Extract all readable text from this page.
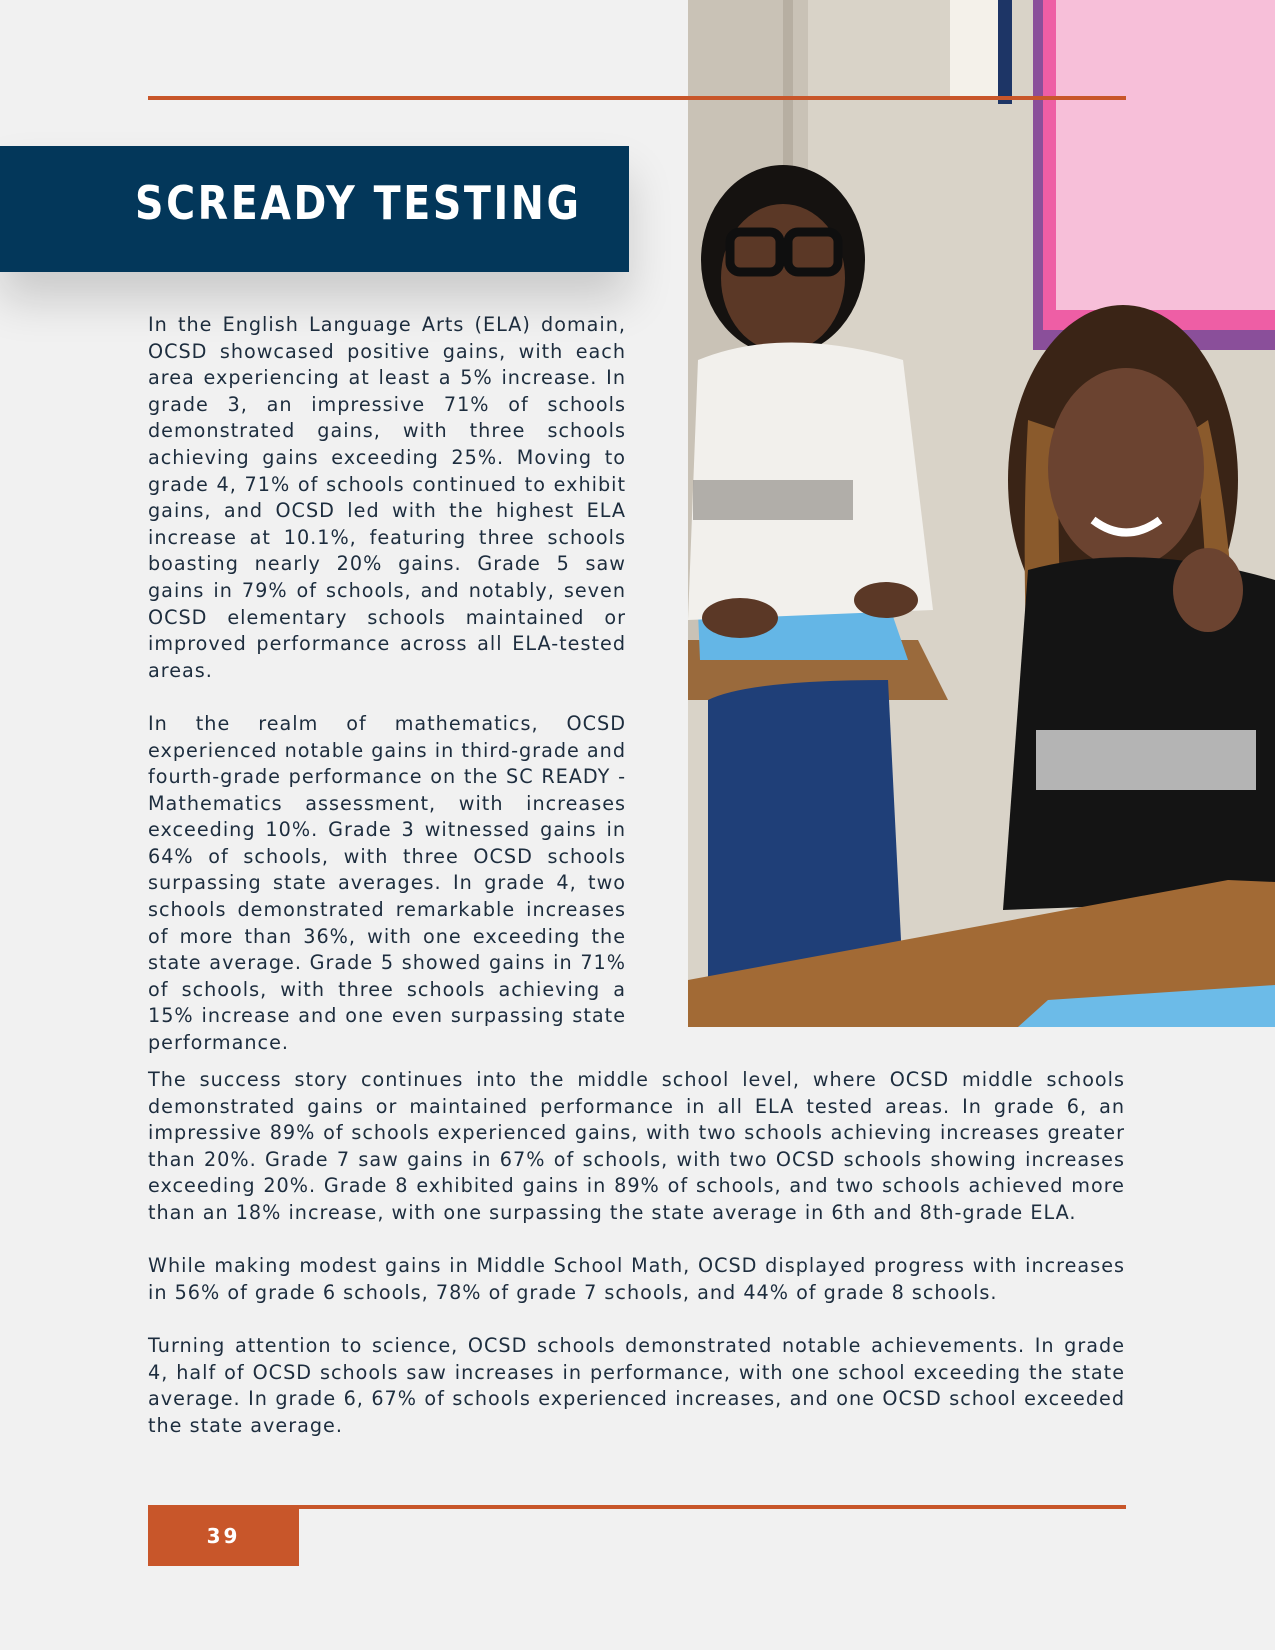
SCREADY TESTING

In the English Language Arts (ELA) domain, OCSD showcased positive gains, with each area experiencing at least a 5% increase. In grade 3, an impressive 71% of schools demonstrated gains, with three schools achieving gains exceeding 25%. Moving to grade 4, 71% of schools continued to exhibit gains, and OCSD led with the highest ELA increase at 10.1%, featuring three schools boasting nearly 20% gains. Grade 5 saw gains in 79% of schools, and notably, seven OCSD elementary schools maintained or improved performance across all ELA-tested areas.

In the realm of mathematics, OCSD experienced notable gains in third-grade and fourth-grade performance on the SC READY - Mathematics assessment, with increases exceeding 10%. Grade 3 witnessed gains in 64% of schools, with three OCSD schools surpassing state averages. In grade 4, two schools demonstrated remarkable increases of more than 36%, with one exceeding the state average. Grade 5 showed gains in 71% of schools, with three schools achieving a 15% increase and one even surpassing state performance.

The success story continues into the middle school level, where OCSD middle schools demonstrated gains or maintained performance in all ELA tested areas. In grade 6, an impressive 89% of schools experienced gains, with two schools achieving increases greater than 20%. Grade 7 saw gains in 67% of schools, with two OCSD schools showing increases exceeding 20%. Grade 8 exhibited gains in 89% of schools, and two schools achieved more than an 18% increase, with one surpassing the state average in 6th and 8th-grade ELA.

While making modest gains in Middle School Math, OCSD displayed progress with increases in 56% of grade 6 schools, 78% of grade 7 schools, and 44% of grade 8 schools.

Turning attention to science, OCSD schools demonstrated notable achievements. In grade 4, half of OCSD schools saw increases in performance, with one school exceeding the state average. In grade 6, 67% of schools experienced increases, and one OCSD school exceeded the state average.

39
